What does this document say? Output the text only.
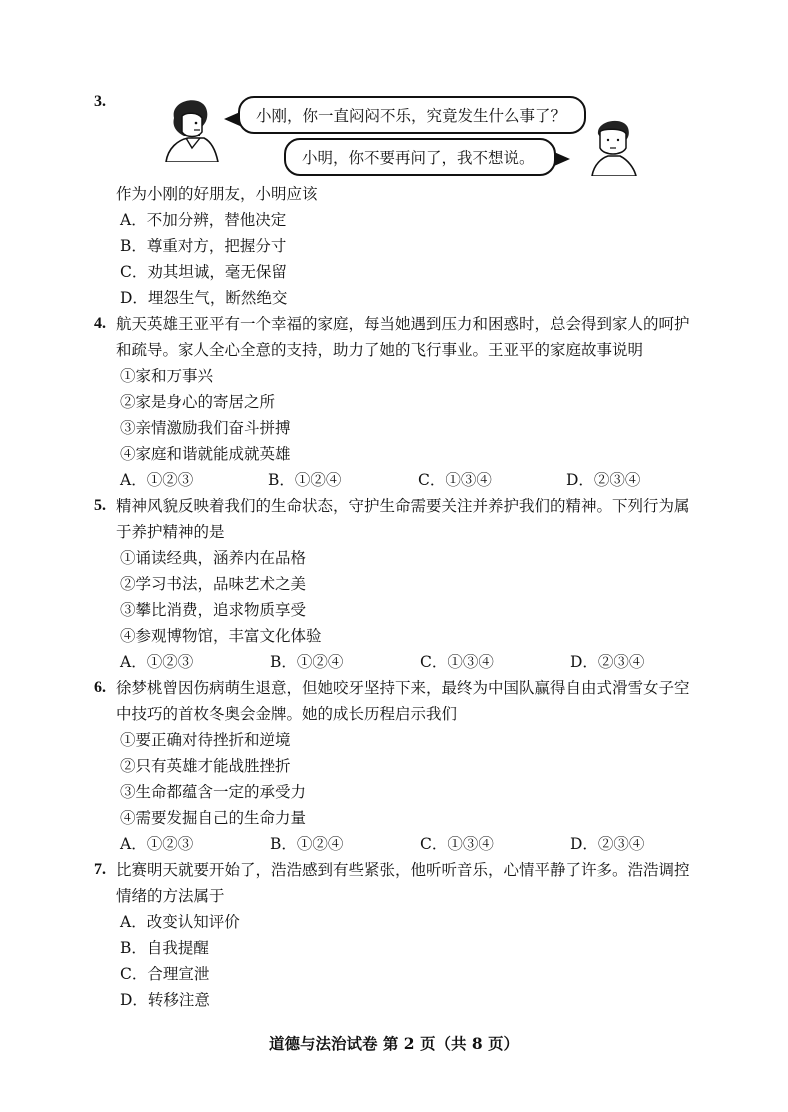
3.
小刚，你一直闷闷不乐，究竟发生什么事了？
小明，你不要再问了，我不想说。
作为小刚的好朋友，小明应该
A．不加分辨，替他决定
B．尊重对方，把握分寸
C．劝其坦诚，毫无保留
D．埋怨生气，断然绝交
4. 航天英雄王亚平有一个幸福的家庭，每当她遇到压力和困惑时，总会得到家人的呵护
和疏导。家人全心全意的支持，助力了她的飞行事业。王亚平的家庭故事说明
①家和万事兴
②家是身心的寄居之所
③亲情激励我们奋斗拼搏
④家庭和谐就能成就英雄
A．①②③	B．①②④	C．①③④	D．②③④
5. 精神风貌反映着我们的生命状态，守护生命需要关注并养护我们的精神。下列行为属
于养护精神的是
①诵读经典，涵养内在品格
②学习书法，品味艺术之美
③攀比消费，追求物质享受
④参观博物馆，丰富文化体验
A．①②③	B．①②④	C．①③④	D．②③④
6. 徐梦桃曾因伤病萌生退意，但她咬牙坚持下来，最终为中国队赢得自由式滑雪女子空
中技巧的首枚冬奥会金牌。她的成长历程启示我们
①要正确对待挫折和逆境
②只有英雄才能战胜挫折
③生命都蕴含一定的承受力
④需要发掘自己的生命力量
A．①②③	B．①②④	C．①③④	D．②③④
7. 比赛明天就要开始了，浩浩感到有些紧张，他听听音乐，心情平静了许多。浩浩调控
情绪的方法属于
A．改变认知评价
B．自我提醒
C．合理宣泄
D．转移注意
道德与法治试卷 第 2 页（共 8 页）
